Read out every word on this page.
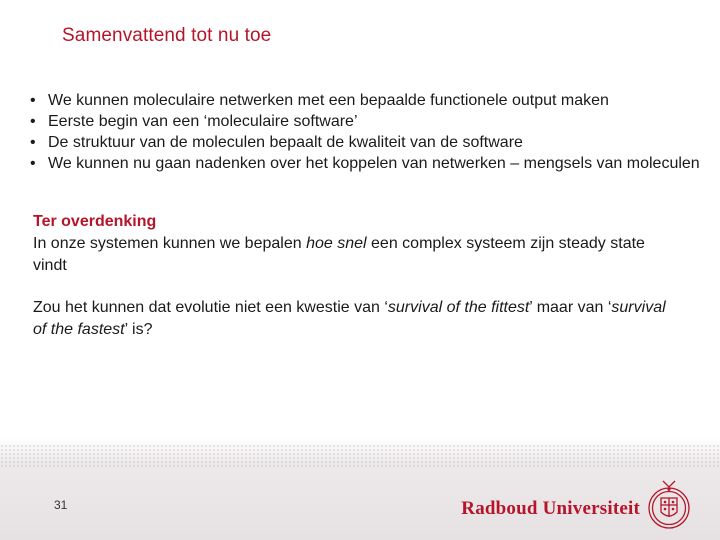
Samenvattend tot nu toe
• We kunnen moleculaire netwerken met een bepaalde functionele output maken
• Eerste begin van een ‘moleculaire software’
• De struktuur van de moleculen bepaalt de kwaliteit van de software
• We kunnen nu gaan nadenken over het koppelen van netwerken – mengsels van moleculen
Ter overdenking
In onze systemen kunnen we bepalen hoe snel een complex systeem zijn steady state vindt
Zou het kunnen dat evolutie niet een kwestie van ‘survival of the fittest’ maar van ‘survival of the fastest’ is?
31	Radboud Universiteit
